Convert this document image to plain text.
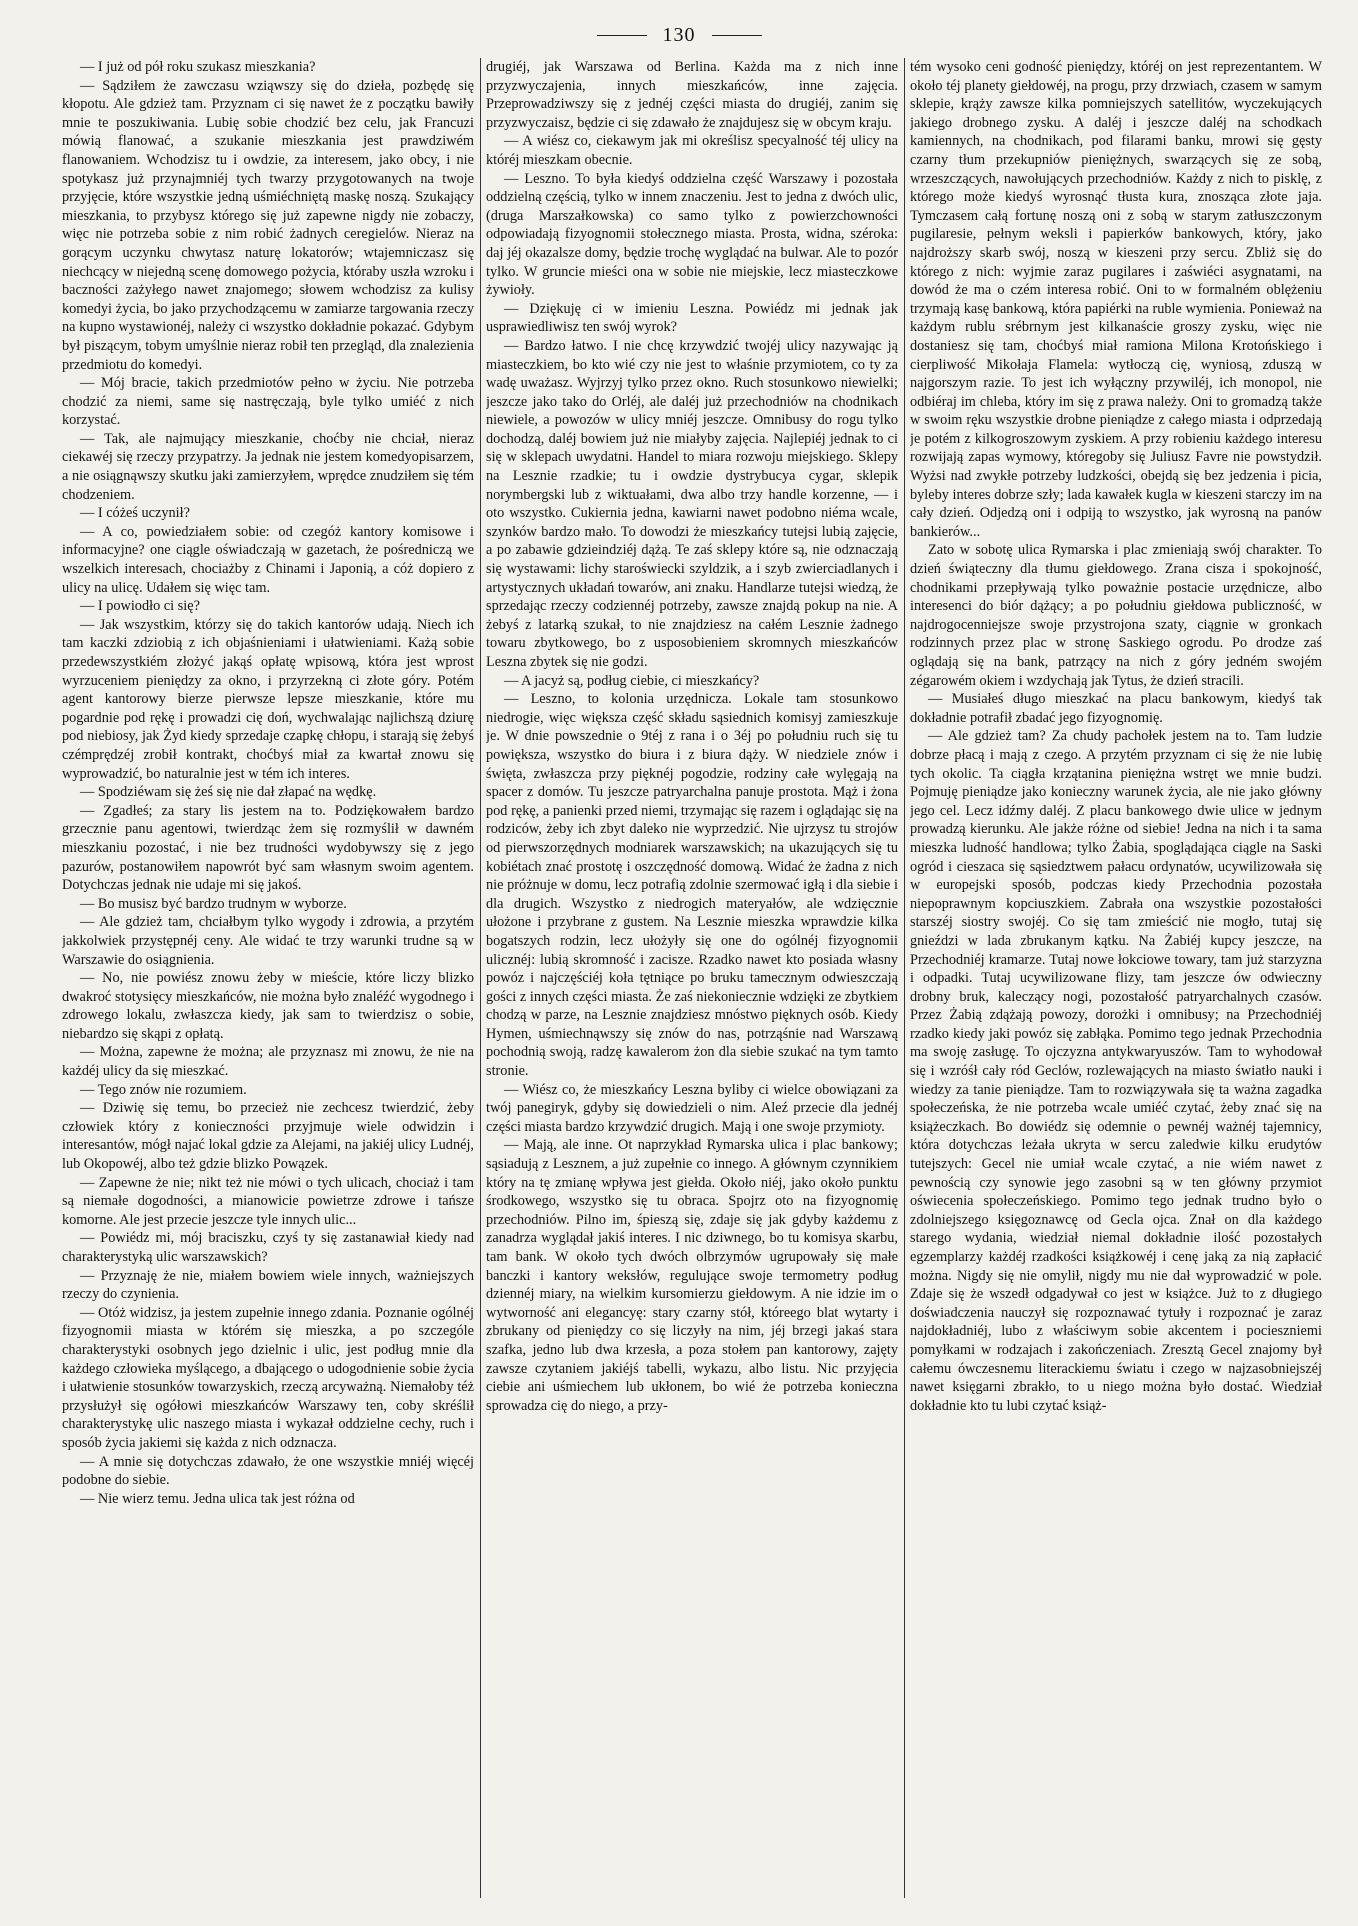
130

— I już od pół roku szukasz mieszkania?

— Sądziłem że zawczasu wziąwszy się do dzieła, pozbędę się kłopotu. Ale gdzież tam. Przyznam ci się nawet że z początku bawiły mnie te poszukiwania. Lubię sobie chodzić bez celu, jak Francuzi mówią flanować, a szukanie mieszkania jest prawdziwém flanowaniem. Wchodzisz tu i owdzie, za interesem, jako obcy, i nie spotykasz już przynajmniéj tych twarzy przygotowanych na twoje przyjęcie, które wszystkie jedną uśmiéchniętą maskę noszą. Szukający mieszkania, to przybysz którego się już zapewne nigdy nie zobaczy, więc nie potrzeba sobie z nim robić żadnych ceregielów. Nieraz na gorącym uczynku chwytasz naturę lokatorów; wtajemniczasz się niechcący w niejedną scenę domowego pożycia, któraby uszła wzroku i baczności zażyłego nawet znajomego; słowem wchodzisz za kulisy komedyi życia, bo jako przychodzącemu w zamiarze targowania rzeczy na kupno wystawionéj, należy ci wszystko dokładnie pokazać. Gdybym był piszącym, tobym umyślnie nieraz robił ten przegląd, dla znalezienia przedmiotu do komedyi.

— Mój bracie, takich przedmiotów pełno w życiu. Nie potrzeba chodzić za niemi, same się nastręczają, byle tylko umiéć z nich korzystać.

— Tak, ale najmujący mieszkanie, choćby nie chciał, nieraz ciekawéj się rzeczy przypatrzy. Ja jednak nie jestem komedyopisarzem, a nie osiągnąwszy skutku jaki zamierzyłem, wprędce znudziłem się tém chodzeniem.

— I cóżeś uczynił?

— A co, powiedziałem sobie: od czegóż kantory komisowe i informacyjne? one ciągle oświadczają w gazetach, że pośredniczą we wszelkich interesach, chociażby z Chinami i Japonią, a cóż dopiero z ulicy na ulicę. Udałem się więc tam.

— I powiodło ci się?

— Jak wszystkim, którzy się do takich kantorów udają. Niech ich tam kaczki zdziobią z ich objaśnieniami i ułatwieniami. Każą sobie przedewszystkiém złożyć jakąś opłatę wpisową, która jest wprost wyrzuceniem pieniędzy za okno, i przyrzekną ci złote góry. Potém agent kantorowy bierze pierwsze lepsze mieszkanie, które mu pogardnie pod rękę i prowadzi cię doń, wychwalając najlichszą dziurę pod niebiosy, jak Żyd kiedy sprzedaje czapkę chłopu, i starają się żebyś czémprędzéj zrobił kontrakt, choćbyś miał za kwartał znowu się wyprowadzić, bo naturalnie jest w tém ich interes.

— Spodziéwam się żeś się nie dał złapać na wędkę.

— Zgadłeś; za stary lis jestem na to. Podziękowałem bardzo grzecznie panu agentowi, twierdząc żem się rozmyślił w dawném mieszkaniu pozostać, i nie bez trudności wydobywszy się z jego pazurów, postanowiłem napowrót być sam własnym swoim agentem. Dotychczas jednak nie udaje mi się jakoś.

— Bo musisz być bardzo trudnym w wyborze.

— Ale gdzież tam, chciałbym tylko wygody i zdrowia, a przytém jakkolwiek przystępnéj ceny. Ale widać te trzy warunki trudne są w Warszawie do osiągnienia.

— No, nie powiész znowu żeby w mieście, które liczy blizko dwakroć stotysięcy mieszkańców, nie można było znaléźć wygodnego i zdrowego lokalu, zwłaszcza kiedy, jak sam to twierdzisz o sobie, niebardzo się skąpi z opłatą.

— Można, zapewne że można; ale przyznasz mi znowu, że nie na każdéj ulicy da się mieszkać.

— Tego znów nie rozumiem.

— Dziwię się temu, bo przecież nie zechcesz twierdzić, żeby człowiek który z konieczności przyjmuje wiele odwidzin i interesantów, mógł najać lokal gdzie za Alejami, na jakiéj ulicy Ludnéj, lub Okopowéj, albo też gdzie blizko Powązek.

— Zapewne że nie; nikt też nie mówi o tych ulicach, chociaż i tam są niemałe dogodności, a mianowicie powietrze zdrowe i tańsze komorne. Ale jest przecie jeszcze tyle innych ulic...

— Powiédz mi, mój braciszku, czyś ty się zastanawiał kiedy nad charakterystyką ulic warszawskich?

— Przyznaję że nie, miałem bowiem wiele innych, ważniejszych rzeczy do czynienia.

— Otóż widzisz, ja jestem zupełnie innego zdania. Poznanie ogólnéj fizyognomii miasta w którém się mieszka, a po szczególe charakterystyki osobnych jego dzielnic i ulic, jest podług mnie dla każdego człowieka myślącego, a dbającego o udogodnienie sobie życia i ułatwienie stosunków towarzyskich, rzeczą arcyważną. Niemałoby téż przysłużył się ogółowi mieszkańców Warszawy ten, coby skréślił charakterystykę ulic naszego miasta i wykazał oddzielne cechy, ruch i sposób życia jakiemi się każda z nich odznacza.

— A mnie się dotychczas zdawało, że one wszystkie mniéj więcéj podobne do siebie.

— Nie wierz temu. Jedna ulica tak jest różna od

drugiéj, jak Warszawa od Berlina. Każda ma z nich inne przyzwyczajenia, innych mieszkańców, inne zajęcia. Przeprowadziwszy się z jednéj części miasta do drugiéj, zanim się przyzwyczaisz, będzie ci się zdawało że znajdujesz się w obcym kraju.

— A wiész co, ciekawym jak mi określisz specyalność téj ulicy na któréj mieszkam obecnie.

— Leszno. To była kiedyś oddzielna część Warszawy i pozostała oddzielną częścią, tylko w innem znaczeniu. Jest to jedna z dwóch ulic, (druga Marszałkowska) co samo tylko z powierzchowności odpowiadają fizyognomii stołecznego miasta. Prosta, widna, széroka: daj jéj okazalsze domy, będzie trochę wyglądać na bulwar. Ale to pozór tylko. W gruncie mieści ona w sobie nie miejskie, lecz miasteczkowe żywioły.

— Dziękuję ci w imieniu Leszna. Powiédz mi jednak jak usprawiedliwisz ten swój wyrok?

— Bardzo łatwo. I nie chcę krzywdzić twojéj ulicy nazywając ją miasteczkiem, bo kto wié czy nie jest to właśnie przymiotem, co ty za wadę uważasz. Wyjrzyj tylko przez okno. Ruch stosunkowo niewielki; jeszcze jako tako do Orléj, ale daléj już przechodniów na chodnikach niewiele, a powozów w ulicy mniéj jeszcze. Omnibusy do rogu tylko dochodzą, daléj bowiem już nie miałyby zajęcia. Najlepiéj jednak to ci się w sklepach uwydatni. Handel to miara rozwoju miejskiego. Sklepy na Lesznie rzadkie; tu i owdzie dystrybucya cygar, sklepik norymbergski lub z wiktuałami, dwa albo trzy handle korzenne, — i oto wszystko. Cukiernia jedna, kawiarni nawet podobno niéma wcale, szynków bardzo mało. To dowodzi że mieszkańcy tutejsi lubią zajęcie, a po zabawie gdzieindziéj dążą. Te zaś sklepy które są, nie odznaczają się wystawami: lichy staroświecki szyldzik, a i szyb zwierciadlanych i artystycznych układań towarów, ani znaku. Handlarze tutejsi wiedzą, że sprzedając rzeczy codziennéj potrzeby, zawsze znajdą pokup na nie. A żebyś z latarką szukał, to nie znajdziesz na całém Lesznie żadnego towaru zbytkowego, bo z usposobieniem skromnych mieszkańców Leszna zbytek się nie godzi.

— A jacyż są, podług ciebie, ci mieszkańcy?

— Leszno, to kolonia urzędnicza. Lokale tam stosunkowo niedrogie, więc większa część składu sąsiednich komisyj zamieszkuje je. W dnie powszednie o 9téj z rana i o 3éj po południu ruch się tu powiększa, wszystko do biura i z biura dąży. W niedziele znów i święta, zwłaszcza przy pięknéj pogodzie, rodziny całe wylęgają na spacer z domów. Tu jeszcze patryarchalna panuje prostota. Mąż i żona pod rękę, a panienki przed niemi, trzymając się razem i oglądając się na rodziców, żeby ich zbyt daleko nie wyprzedzić. Nie ujrzysz tu strojów od pierwszorzędnych modniarek warszawskich; na ukazujących się tu kobiétach znać prostotę i oszczędność domową. Widać że żadna z nich nie próżnuje w domu, lecz potrafią zdolnie szermować igłą i dla siebie i dla drugich. Wszystko z niedrogich materyałów, ale wdzięcznie ułożone i przybrane z gustem. Na Lesznie mieszka wprawdzie kilka bogatszych rodzin, lecz ułożyły się one do ogólnéj fizyognomii ulicznéj: lubią skromność i zacisze. Rzadko nawet kto posiada własny powóz i najczęściéj koła tętniące po bruku tamecznym odwieszczają gości z innych części miasta. Że zaś niekoniecznie wdzięki ze zbytkiem chodzą w parze, na Lesznie znajdziesz mnóstwo pięknych osób. Kiedy Hymen, uśmiechnąwszy się znów do nas, potrząśnie nad Warszawą pochodnią swoją, radzę kawalerom żon dla siebie szukać na tym tamto stronie.

— Wiész co, że mieszkańcy Leszna byliby ci wielce obowiązani za twój panegiryk, gdyby się dowiedzieli o nim. Aleź przecie dla jednéj części miasta bardzo krzywdzić drugich. Mają i one swoje przymioty.

— Mają, ale inne. Ot naprzykład Rymarska ulica i plac bankowy; sąsiadują z Lesznem, a już zupełnie co innego. A głównym czynnikiem który na tę zmianę wpływa jest giełda. Około niéj, jako około punktu środkowego, wszystko się tu obraca. Spojrz oto na fizyognomię przechodniów. Pilno im, śpieszą się, zdaje się jak gdyby każdemu z zanadrza wyglądał jakiś interes. I nic dziwnego, bo tu komisya skarbu, tam bank. W około tych dwóch olbrzymów ugrupowały się małe banczki i kantory weksłów, regulujące swoje termometry podług dziennéj miary, na wielkim kursomierzu giełdowym. A nie idzie im o wytworność ani elegancyę: stary czarny stół, któreego blat wytarty i zbrukany od pieniędzy co się liczyły na nim, jéj brzegi jakaś stara szafka, jedno lub dwa krzesła, a poza stołem pan kantorowy, zajęty zawsze czytaniem jakiéjś tabelli, wykazu, albo listu. Nic przyjęcia ciebie ani uśmiechem lub ukłonem, bo wié że potrzeba konieczna sprowadza cię do niego, a przy-

tém wysoko ceni godność pieniędzy, któréj on jest reprezentantem. W około téj planety giełdowéj, na progu, przy drzwiach, czasem w samym sklepie, krąży zawsze kilka pomniejszych satellitów, wyczekujących jakiego drobnego zysku. A daléj i jeszcze daléj na schodkach kamiennych, na chodnikach, pod filarami banku, mrowi się gęsty czarny tłum przekupniów pieniężnych, swarzących się ze sobą, wrzeszczących, nawołujących przechodniów. Każdy z nich to pisklę, z którego może kiedyś wyrosnąć tłusta kura, znosząca złote jaja. Tymczasem całą fortunę noszą oni z sobą w starym zatłuszczonym pugilaresie, pełnym weksli i papierków bankowych, który, jako najdroższy skarb swój, noszą w kieszeni przy sercu. Zbliż się do którego z nich: wyjmie zaraz pugilares i zaświéci asygnatami, na dowód że ma o czém interesa robić. Oni to w formalném oblężeniu trzymają kasę bankową, która papiérki na ruble wymienia. Ponieważ na każdym rublu srébrnym jest kilkanaście groszy zysku, więc nie dostaniesz się tam, choćbyś miał ramiona Milona Krotońskiego i cierpliwość Mikołaja Flamela: wytłoczą cię, wyniosą, zduszą w najgorszym razie. To jest ich wyłączny przywiléj, ich monopol, nie odbiéraj im chleba, który im się z prawa należy. Oni to gromadzą także w swoim ręku wszystkie drobne pieniądze z całego miasta i odprzedają je potém z kilkogroszowym zyskiem. A przy robieniu każdego interesu rozwijają zapas wymowy, któregoby się Juliusz Favre nie powstydził. Wyżsi nad zwykłe potrzeby ludzkości, obejdą się bez jedzenia i picia, byleby interes dobrze szły; lada kawałek kugla w kieszeni starczy im na cały dzień. Odjedzą oni i odpiją to wszystko, jak wyrosną na panów bankierów...

Zato w sobotę ulica Rymarska i plac zmieniają swój charakter. To dzień świąteczny dla tłumu giełdowego. Zrana cisza i spokojność, chodnikami przepływają tylko poważnie postacie urzędnicze, albo interesenci do biór dążący; a po południu giełdowa publiczność, w najdrogocenniejsze swoje przystrojona szaty, ciągnie w gronkach rodzinnych przez plac w stronę Saskiego ogrodu. Po drodze zaś oglądają się na bank, patrzący na nich z góry jedném swojém zégarowém okiem i wzdychają jak Tytus, że dzień stracili.

— Musiałeś długo mieszkać na placu bankowym, kiedyś tak dokładnie potrafił zbadać jego fizyognomię.

— Ale gdzież tam? Za chudy pachołek jestem na to. Tam ludzie dobrze płacą i mają z czego. A przytém przyznam ci się że nie lubię tych okolic. Ta ciągła krzątanina pieniężna wstręt we mnie budzi. Pojmuję pieniądze jako konieczny warunek życia, ale nie jako główny jego cel. Lecz idźmy daléj. Z placu bankowego dwie ulice w jednym prowadzą kierunku. Ale jakże różne od siebie! Jedna na nich i ta sama mieszka ludność handlowa; tylko Żabia, spoglądająca ciągle na Saski ogród i cieszaca się sąsiedztwem pałacu ordynatów, ucywilizowała się w europejski sposób, podczas kiedy Przechodnia pozostała niepoprawnym kopciuszkiem. Zabrała ona wszystkie pozostałości starszéj siostry swojéj. Co się tam zmieścić nie mogło, tutaj się gnieździ w lada zbrukanym kątku. Na Żabiéj kupcy jeszcze, na Przechodniéj kramarze. Tutaj nowe łokciowe towary, tam już starzyzna i odpadki. Tutaj ucywilizowane flizy, tam jeszcze ów odwieczny drobny bruk, kaleczący nogi, pozostałość patryarchalnych czasów. Przez Żabią zdążają powozy, dorożki i omnibusy; na Przechodniéj rzadko kiedy jaki powóz się zabłąka. Pomimo tego jednak Przechodnia ma swoję zasługę. To ojczyzna antykwaryuszów. Tam to wyhodował się i wzróśł cały ród Geclów, rozlewających na miasto światło nauki i wiedzy za tanie pieniądze. Tam to rozwiązywała się ta ważna zagadka społeczeńska, że nie potrzeba wcale umiéć czytać, żeby znać się na książeczkach. Bo dowiédz się odemnie o pewnéj ważnéj tajemnicy, która dotychczas leżała ukryta w sercu zaledwie kilku erudytów tutejszych: Gecel nie umiał wcale czytać, a nie wiém nawet z pewnością czy synowie jego zasobni są w ten główny przymiot oświecenia społeczeńskiego. Pomimo tego jednak trudno było o zdolniejszego księgoznawcę od Gecla ojca. Znał on dla każdego starego wydania, wiedział niemal dokładnie ilość pozostałych egzemplarzy każdéj rzadkości książkowéj i cenę jaką za nią zapłacić można. Nigdy się nie omylił, nigdy mu nie dał wyprowadzić w pole. Zdaje się że wszedł odgadywał co jest w książce. Już to z długiego doświadczenia nauczył się rozpoznawać tytuły i rozpoznać je zaraz najdokładniéj, lubo z właściwym sobie akcentem i pocieszniemi pomyłkami w rodzajach i zakończeniach. Zresztą Gecel znajomy był całemu ówczesnemu literackiemu światu i czego w najzasobniejszéj nawet księgarni zbrakło, to u niego można było dostać. Wiedział dokładnie kto tu lubi czytać książ-
